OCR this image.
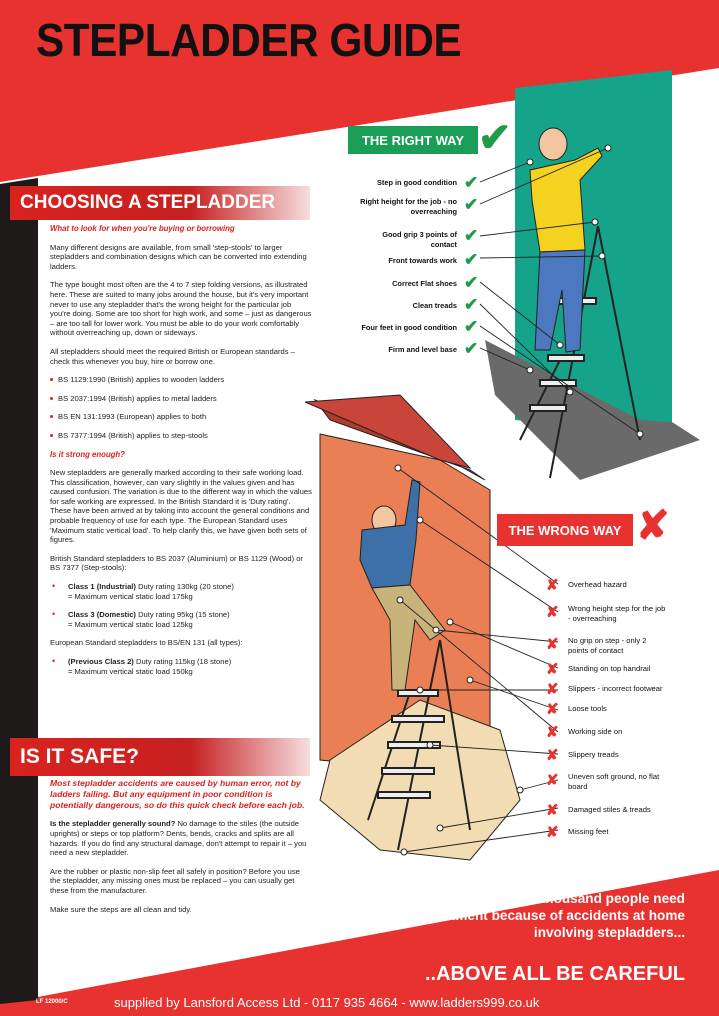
STEPLADDER GUIDE
CHOOSING A STEPLADDER

What to look for when you're buying or borrowing

Many different designs are available, from small 'step-stools' to larger stepladders and combination designs which can be converted into extending ladders.

The type bought most often are the 4 to 7 step folding versions, as illustrated here. These are suited to many jobs around the house, but it's very important never to use any stepladder that's the wrong height for the particular job you're doing. Some are too short for high work, and some – just as dangerous – are too tall for lower work. You must be able to do your work comfortably without overreaching up, down or sideways.

All stepladders should meet the required British or European standards – check this whenever you buy, hire or borrow one.

BS 1129:1990 (British) applies to wooden ladders

BS 2037:1994 (British) applies to metal ladders

BS EN 131:1993 (European) applies to both

BS 7377:1994 (British) applies to step-stools

Is it strong enough?

New stepladders are generally marked according to their safe working load. This classification, however, can vary slightly in the values given and has caused confusion. The variation is due to the different way in which the values for safe working are expressed. In the British Standard it is 'Duty rating'. These have been arrived at by taking into account the general conditions and probable frequency of use for each type. The European Standard uses 'Maximum static vertical load'. To help clarify this, we have given both sets of figures.

British Standard stepladders to BS 2037 (Aluminium) or BS 1129 (Wood) or BS 7377 (Step-stools):

• Class 1 (Industrial) Duty rating 130kg (20 stone)
= Maximum vertical static load 175kg

• Class 3 (Domestic) Duty rating 95kg (15 stone)
= Maximum vertical static load 125kg

European Standard stepladders to BS/EN 131 (all types):

• (Previous Class 2) Duty rating 115kg (18 stone)
= Maximum vertical static load 150kg

IS IT SAFE?

Most stepladder accidents are caused by human error, not by ladders failing. But any equipment in poor condition is potentially dangerous, so do this quick check before each job.

Is the stepladder generally sound? No damage to the stiles (the outside uprights) or steps or top platform? Dents, bends, cracks and splits are all hazards. If you do find any structural damage, don't attempt to repair it – you need a new stepladder.

Are the rubber or plastic non-slip feet all safely in position? Before you use the stepladder, any missing ones must be replaced – you can usually get these from the manufacturer.

Make sure the steps are all clean and tidy.

THE RIGHT WAY ✔
Step in good condition
Right height for the job - no overreaching
Good grip 3 points of contact
Front towards work
Correct Flat shoes
Clean treads
Four feet in good condition
Firm and level base
✔
✔
✔
✔
✔
✔
✔
✔
THE WRONG WAY ✘
Overhead hazard
Wrong height step for the job - overreaching
No grip on step - only 2 points of contact
Standing on top handrail
Slippers - incorrect footwear
Loose tools
Working side on
Slippery treads
Uneven soft ground, no flat board
Damaged stiles & treads
Missing feet
✘
✘
✘
✘
✘
✘
✘
✘
✘
✘
✘
Every month, more than a thousand people need hospital treatment because of accidents at home involving stepladders...
..ABOVE ALL BE CAREFUL
LF 12000/C	supplied by Lansford Access Ltd - 0117 935 4664 - www.ladders999.co.uk
